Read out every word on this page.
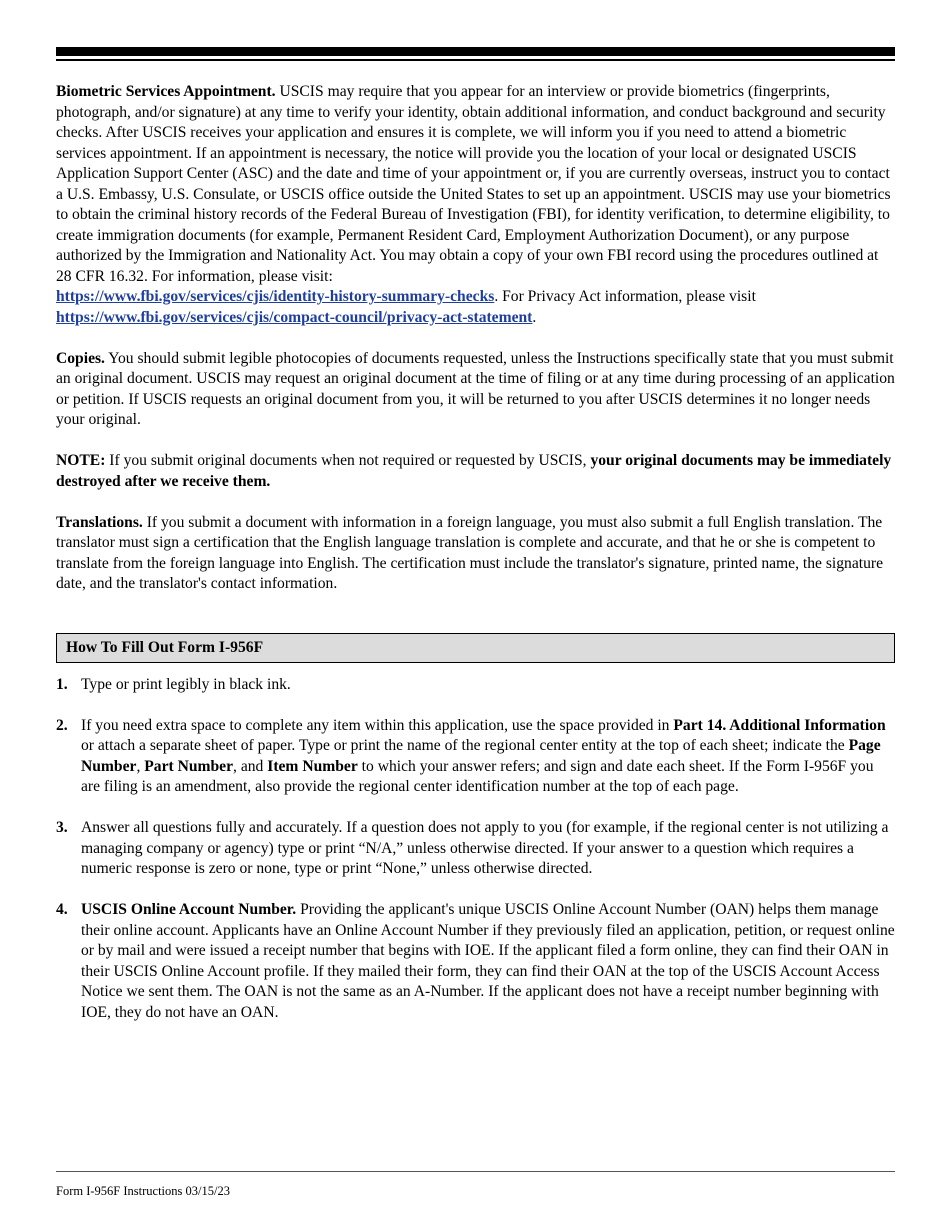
Biometric Services Appointment. USCIS may require that you appear for an interview or provide biometrics (fingerprints, photograph, and/or signature) at any time to verify your identity, obtain additional information, and conduct background and security checks. After USCIS receives your application and ensures it is complete, we will inform you if you need to attend a biometric services appointment. If an appointment is necessary, the notice will provide you the location of your local or designated USCIS Application Support Center (ASC) and the date and time of your appointment or, if you are currently overseas, instruct you to contact a U.S. Embassy, U.S. Consulate, or USCIS office outside the United States to set up an appointment. USCIS may use your biometrics to obtain the criminal history records of the Federal Bureau of Investigation (FBI), for identity verification, to determine eligibility, to create immigration documents (for example, Permanent Resident Card, Employment Authorization Document), or any purpose authorized by the Immigration and Nationality Act. You may obtain a copy of your own FBI record using the procedures outlined at 28 CFR 16.32. For information, please visit:
https://www.fbi.gov/services/cjis/identity-history-summary-checks. For Privacy Act information, please visit
https://www.fbi.gov/services/cjis/compact-council/privacy-act-statement.

Copies. You should submit legible photocopies of documents requested, unless the Instructions specifically state that you must submit an original document. USCIS may request an original document at the time of filing or at any time during processing of an application or petition. If USCIS requests an original document from you, it will be returned to you after USCIS determines it no longer needs your original.

NOTE: If you submit original documents when not required or requested by USCIS, your original documents may be immediately destroyed after we receive them.

Translations. If you submit a document with information in a foreign language, you must also submit a full English translation. The translator must sign a certification that the English language translation is complete and accurate, and that he or she is competent to translate from the foreign language into English. The certification must include the translator's signature, printed name, the signature date, and the translator's contact information.

How To Fill Out Form I-956F
1. Type or print legibly in black ink.
2. If you need extra space to complete any item within this application, use the space provided in Part 14. Additional Information or attach a separate sheet of paper. Type or print the name of the regional center entity at the top of each sheet; indicate the Page Number, Part Number, and Item Number to which your answer refers; and sign and date each sheet. If the Form I-956F you are filing is an amendment, also provide the regional center identification number at the top of each page.
3. Answer all questions fully and accurately. If a question does not apply to you (for example, if the regional center is not utilizing a managing company or agency) type or print “N/A,” unless otherwise directed. If your answer to a question which requires a numeric response is zero or none, type or print “None,” unless otherwise directed.
4. USCIS Online Account Number. Providing the applicant's unique USCIS Online Account Number (OAN) helps them manage their online account. Applicants have an Online Account Number if they previously filed an application, petition, or request online or by mail and were issued a receipt number that begins with IOE. If the applicant filed a form online, they can find their OAN in their USCIS Online Account profile. If they mailed their form, they can find their OAN at the top of the USCIS Account Access Notice we sent them. The OAN is not the same as an A-Number. If the applicant does not have a receipt number beginning with IOE, they do not have an OAN.
Form I-956F Instructions 03/15/23
